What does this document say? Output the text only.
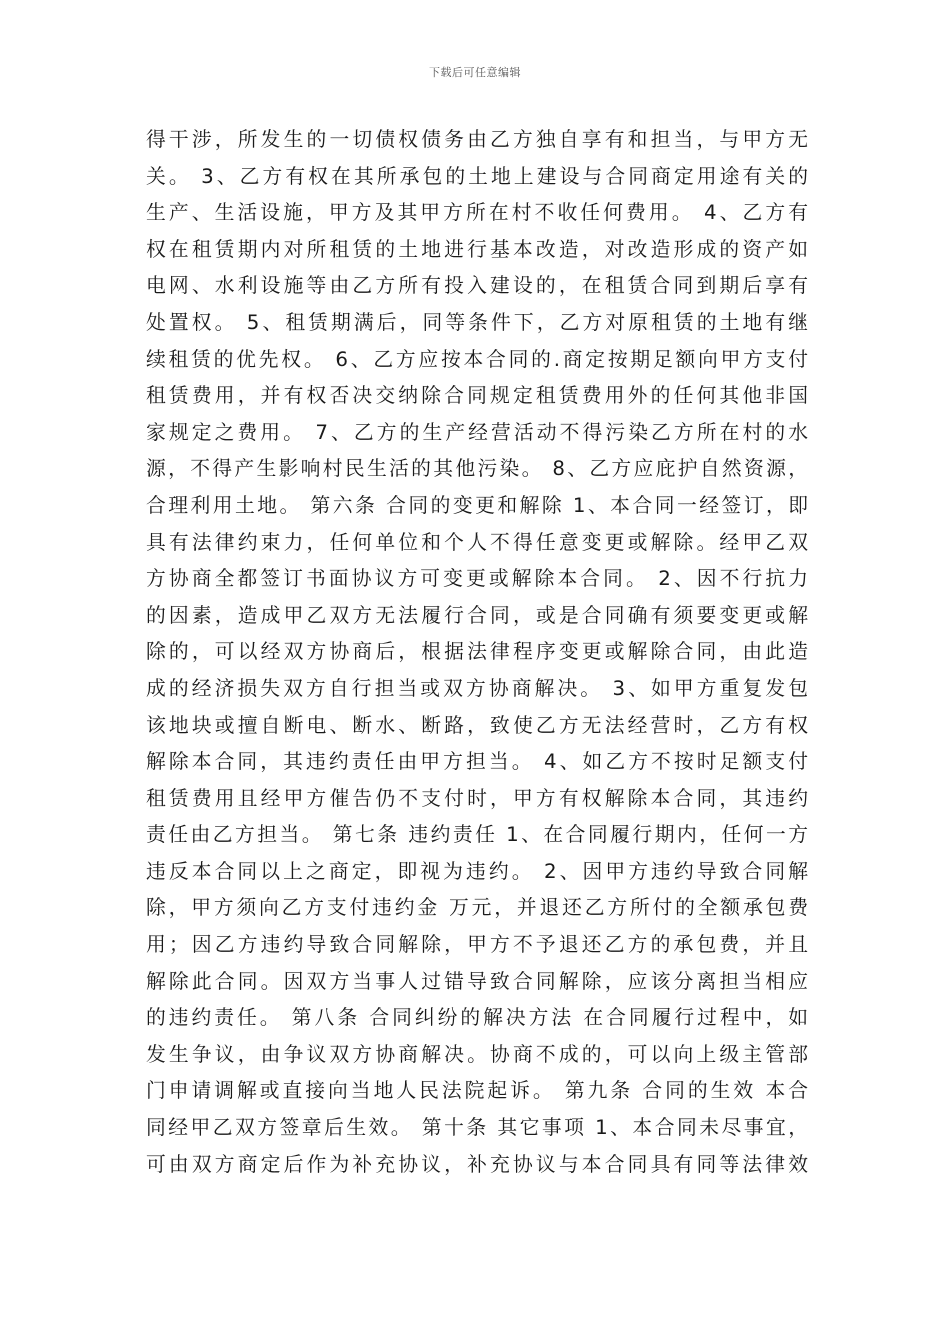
下载后可任意编辑
得干涉，所发生的一切债权债务由乙方独自享有和担当，与甲方无
关。 3、乙方有权在其所承包的土地上建设与合同商定用途有关的
生产、生活设施，甲方及其甲方所在村不收任何费用。 4、乙方有
权在租赁期内对所租赁的土地进行基本改造，对改造形成的资产如
电网、水利设施等由乙方所有投入建设的，在租赁合同到期后享有
处置权。 5、租赁期满后，同等条件下，乙方对原租赁的土地有继
续租赁的优先权。 6、乙方应按本合同的.商定按期足额向甲方支付
租赁费用，并有权否决交纳除合同规定租赁费用外的任何其他非国
家规定之费用。 7、乙方的生产经营活动不得污染乙方所在村的水
源，不得产生影响村民生活的其他污染。 8、乙方应庇护自然资源，
合理利用土地。 第六条 合同的变更和解除 1、本合同一经签订，即
具有法律约束力，任何单位和个人不得任意变更或解除。经甲乙双
方协商全都签订书面协议方可变更或解除本合同。 2、因不行抗力
的因素，造成甲乙双方无法履行合同，或是合同确有须要变更或解
除的，可以经双方协商后，根据法律程序变更或解除合同，由此造
成的经济损失双方自行担当或双方协商解决。 3、如甲方重复发包
该地块或擅自断电、断水、断路，致使乙方无法经营时，乙方有权
解除本合同，其违约责任由甲方担当。 4、如乙方不按时足额支付
租赁费用且经甲方催告仍不支付时，甲方有权解除本合同，其违约
责任由乙方担当。 第七条 违约责任 1、在合同履行期内，任何一方
违反本合同以上之商定，即视为违约。 2、因甲方违约导致合同解
除，甲方须向乙方支付违约金 万元，并退还乙方所付的全额承包费
用；因乙方违约导致合同解除，甲方不予退还乙方的承包费，并且
解除此合同。因双方当事人过错导致合同解除，应该分离担当相应
的违约责任。 第八条 合同纠纷的解决方法 在合同履行过程中，如
发生争议，由争议双方协商解决。协商不成的，可以向上级主管部
门申请调解或直接向当地人民法院起诉。 第九条 合同的生效 本合
同经甲乙双方签章后生效。 第十条 其它事项 1、本合同未尽事宜，
可由双方商定后作为补充协议，补充协议与本合同具有同等法律效
